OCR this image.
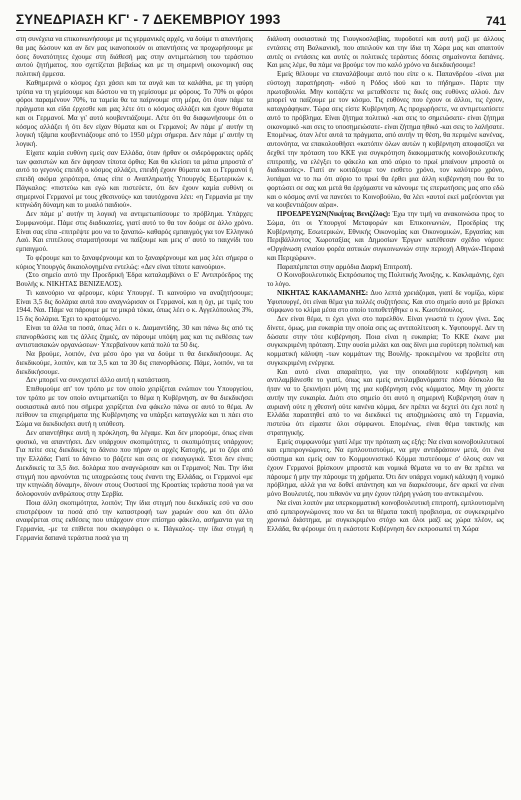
ΣΥΝΕΔΡΙΑΣΗ ΚΓ' - 7 ΔΕΚΕΜΒΡΙΟΥ 1993	741

στη συνέχεια να επικοινωνήσουμε με τις γερμανικές αρχές, να δούμε τι απαντήσεις θα μας δώσουν και αν δεν μας ικανοποιούν οι απαντήσεις να προχωρήσουμε με όσες δυνατότητες έχουμε στη διάθεσή μας στην αντιμετώπιση του τεράστιου αυτού ζητήματος, που σχετίζεται βεβαίως και με τη σημερινή οικονομική σας πολιτική έμμεσα.

Καθημερινά ο κόσμος έχει χάσει και τα αυγά και τα καλάθια, με τη γαύρη τρύπα να τη γεμίσουμε και δώστου να τη γεμίσουμε με φόρους. Το 70% οι φόροι φόροι παραμένουν 70%, τα ταμεία θα τα παίρνουμε στη μέρα, ότι όταν πάμε τα πράγματα και είδα έρχεσθε και μας λέτε ότι ο κόσμος αλλάζει και έχουν θύματα και οι Γερμανοί. Μα γι' αυτό κουβεντιάζουμε. Λέτε ότι θα διαφωνήσουμε ότι ο κόσμος αλλάζει ή ότι δεν είχαν θύματα και οι Γερμανοί; Αν πάμε μ' αυτήν τη λογική τζάμπα κουβεντιάζουμε από το 1950 μέχρι σήμερα. Δεν πάμε μ' αυτήν τη λογική.

Είχατε καμία ευθύνη εμείς σαν Ελλάδα, όταν ήρθαν οι σιδερόφρακτες ορδές των φασιστών και δεν άφησαν τίποτα όρθιο; Και θα κλείσει τα μάτια μπροστά σ' αυτό το γεγονός επειδή ο κόσμος αλλάζει, επειδή έχουν θύματα και οι Γερμανοί ή επειδή ακόμα χειρότερα, όπως είπε ο Αναπληρωτής Υπουργός Εξωτερικών κ. Πάγκαλος: «πιστεύω και εγώ και πιστεύετε, ότι δεν έχουν καμία ευθύνη οι σημερινοί Γερμανοί με τους χθεσινούς» και ταυτόχρονα λέει: «η Γερμανία με την κτηνώδη δύναμη και το μυαλό παιδιού».

Δεν πάμε μ' αυτήν τη λογική να αντιμετωπίσουμε το πρόβλημα. Υπάρχει; Συμφωνούμε. Πάμε στις διαδικασίες, γιατί αυτό το θα τον δούμε σε άλλο χρόνο. Είναι σας είπα -επιτρέψτε μου να το ξαναπώ- καθαρός εμπαιγμός για τον Ελληνικό Λαό. Και επιτέλους σταματήσουμε να παίζουμε και μεις σ' αυτό το παιχνίδι του εμπαιγμού.

Το φέρουμε και το ξαναφέρνουμε και το ξαναφέρνουμε και μας λέει σήμερα ο κύριος Υπουργός δικαιολογημένα εντελώς: «Δεν είναι τίποτε καινούριο».

(Στο σημείο αυτό την Προεδρική Έδρα καταλαμβάνει ο Ε' Αντιπρόεδρος της Βουλής κ. ΝΙΚΗΤΑΣ ΒΕΝΙΖΕΛΟΣ).

Τι καινούριο να φέρουμε, κύριε Υπουργέ. Τι καινούριο να αναζητήσουμε; Είναι 3,5 δις δολάρια αυτά που αναγνώρισαν οι Γερμανοί, και η όχι, με τιμές του 1944. Ναι. Πάμε να πάρουμε με τα μικρά τόκια, όπως λέει ο κ. Αγγελόπουλος 3%, 15 δις δολάρια. Έχει το κρατούμενο.

Είναι τα άλλα τα ποσά, όπως λέει ο κ. Διαμαντίδης, 30 και πάνω δις από τις επανορθώσεις και τις άλλες ζημιές, αν πάρουμε υπόψη μας και τις εκθέσεις των αντιστασιακών οργανώσεων· Υπερβαίνουν κατά πολύ τα 50 δις.

Να βρούμε, λοιπόν, ένα μέσο όρο για να δούμε τι θα διεκδικήσουμε. Ας διεκδικούμε, λοιπόν, και τα 3,5 και τα 30 δις επανορθώσεις. Πάμε, λοιπόν, να τα διεκδικήσουμε.

Δεν μπορεί να συνεχιστεί άλλο αυτή η κατάσταση.

Επιθυμούμε απ' τον τρόπο με τον οποίο χειρίζεται ενώπιον του Υπουργείου, τον τρόπο με τον οποίο αντιμετωπίζει το θέμα η Κυβέρνηση, αν θα διεκδικήσει ουσιαστικά αυτό που σήμερα χειρίζεται ένα φάκελο πάνω σε αυτό το θέμα. Αν πείθουν τα επιχειρήματα της Κυβέρνησης να υπάρξει καταγγελία και τι πάει στο Σώμα να διεκδικήσει αυτή η υπόθεση.

Δεν απαντήθηκε αυτή η πρόκληση, θα λέγαμε. Και δεν μπορούμε, όπως είναι φυσικό, να απαντήσει. Δεν υπάρχουν σκοπιμότητες, τι σκοπιμότητες υπάρχουν; Για πείτε σεις διεκδικείς το δάνειο που πήραν οι αρχές Κατοχής, με το ζόρι από την Ελλάδα; Γιατί το δάνειο το βάζετε και σεις σε εισαγωγικά. Έτσι δεν είναι; Διεκδικείς τα 3,5 δισ. δολάρια που αναγνώρισαν και οι Γερμανοί; Ναι. Την ίδια στιγμή που αρνούνται τις υποχρεώσεις τους έναντι της Ελλάδας, οι Γερμανοί «με την κτηνώδη δύναμη», δίνουν στους Ουστασί της Κροατίας τεράστια ποσά για να δολοφονούν ανθρώπους στην Σερβία.

Ποια άλλη σκοπιμότητα, λοιπόν; Την ίδια στιγμή που διεκδικείς εσύ να σου επιστρέψουν τα ποσά από την καταστροφή των χωριών σου και ότι άλλο αναφέρεται στις εκθέσεις που υπάρχουν στον επίσημο φάκελο, ασήμαντα για τη Γερμανία, -με τα επίθετα που σκιαγράφει ο κ. Πάγκαλος- την ίδια στιγμή η Γερμανία δαπανά τεράστια ποσά για τη

διάλυση ουσιαστικά της Γιουγκοσλαβίας, πυροδοτεί και αυτή μαζί με άλλους εντάσεις στη Βαλκανική, που απειλούν και την ίδια τη Χώρα μας και απαιτούν αυτές οι εντάσεις και αυτές οι πολιτικές τεράστιες δόσεις σημαίνοντα δαπάνες. Και μεις λέμε, θα πάμε να βρούμε τον πιο καλό χρόνο να διεκδικήσουμε!

Εμείς θέλουμε να επαναλάβουμε αυτό που είπε ο κ. Παπανδρέου -είναι μια εύστοχη παρατήρηση- «ιδού η Ρόδος ιδού και το πήδημα». Πάρτε την πρωτοβουλία. Μην κοιτάζετε να μεταθέσετε τις δικές σας ευθύνες αλλού. Δεν μπορεί να παίζουμε με τον κόσμο. Τις ευθύνες που έχουν οι άλλοι, τις έχουν, καταγράφηκαν. Τώρα σεις είστε Κυβέρνηση. Ας προχωρήσετε, να αντιμετωπίσετε αυτό το πρόβλημα. Είναι ζήτημα πολιτικό -και σεις το σημειώσατε- είναι ζήτημα οικονομικό -και σεις το υποσημειώσατε- είναι ζήτημα ηθικό -και σεις το λαλήσατε. Επομένως, όταν λέτε αυτά τα πράγματα, από αυτήν τη θέση, θα περιμένε κανένας, αυτονόητα, να επακολουθήσει «κατόπιν όλων αυτών η κυβέρνηση αποφασίζει να δεχθεί την πρόταση του ΚΚΕ για συγκρότηση διακομματικής κοινοβουλευτικής επιτροπής, να ελέγξει το φάκελο και από αύριο το πρωί μπαίνουν μπροστά οι διαδικασίες». Γιατί αν κοιτάζουμε τον εισθετο χρόνο, τον καλύτερο χρόνο, λυπάμαι να το πω ότι αύριο το πρωί θα έρθει μια άλλη κυβέρνηση που θα το φορτώσει σε σας και μετά θα έρχόμαστε να κάνουμε τις επερωτήσεις μας απο εδώ και ο κόσμος αντί να πανεύει το Κοινοβούλιο, θα λέει «αυτοί εκεί μαζεύονται για να κουβεντιάζουν αέρα».

ΠΡΟΕΔΡΕΥΩΝ(Νικήτας Βενιζέλος): Έχω την τιμή να ανακοινώσω προς το Σώμα, ότι οι Υπουργοί Μεταφορών και Επικοινωνιών, Προεδρίας της Κυβέρνησης, Εσωτερικών, Εθνικής Οικονομίας και Οικονομικών, Εργασίας και Περιβάλλοντος Χωροταξίας και Δημοσίων Έργων κατέθεσαν σχέδιο νόμου: «Οργάνωση ενιαίου φορέα αστικών συγκοινωνιών στην περιοχή Αθηνών-Πειραιά και Περιχώρων».

Παραπέμπεται στην αρμόδια Διαρκή Επιτροπή.

Ο Κοινοβουλευτικός Εκπρόσωπος της Πολιτικής Άνοιξης, κ. Κακλαμάνης, έχει το λόγο.

ΝΙΚΗΤΑΣ ΚΑΚΛΑΜΑΝΗΣ: Δυο λεπτά χρειάζομαι, γιατί δε νομίζω, κύριε Υφυπουργέ, ότι είναι θέμα για πολλές συζητήσεις. Και στο σημείο αυτό με βρίσκει σύμφωνο το κλίμα μέσα στο οποίο τοποθετήθηκε ο κ. Κωστόπουλος.

Δεν είναι θέμα, τι έχει γίνει στο παρελθόν. Είναι γνωστά τι έχουν γίνει. Σας δίνετε, όμως, μια ευκαιρία την οποία σεις ως αντιπολίτευση κ. Υφυπουργέ. Δεν τη δώσατε στην τότε κυβέρνηση. Ποια είναι η ευκαιρία; Το ΚΚΕ έκανε μια συγκεκριμένη πρόταση. Στην ουσία μιλάει και σας δίνει μια ευρύτερη πολιτική και κομματική κάλυψη -των κομμάτων της Βουλής- προκειμένου να προβείτε στη συγκεκριμένη ενέργεια.

Και αυτό είναι απαραίτητο, για την οποιαδήποτε κυβέρνηση και αντιλαμβάνεσθε το γιατί, όπως και εμείς αντιλαμβανόμαστε πόσο δύσκολο θα ήταν να το ξεκινήσει μόνη της μια κυβέρνηση ενός κόμματος. Μην τη χάσετε αυτήν την ευκαιρία. Διότι στο σημείο ότι αυτό η σημερινή Κυβέρνηση όταν η αυριανή ούτε η χθεσινή ούτε κανένα κόμμα, δεν πρέπει να δεχτεί ότι έχει ποτέ η Ελλάδα παραιτηθεί από το να διεκδικεί τις αποζημιώσεις από τη Γερμανία, πιστεύω ότι είμαστε όλοι σύμφωνοι. Επομένως, είναι θέμα τακτικής και στρατηγικής.

Εμείς συμφωνούμε γιατί λέμε την πρόταση ως εξής: Να είναι κοινοβουλευτικοί και εμπειρογνώμονες. Να εμπλουτιστούμε, να μην αντιδράσουν μετά, ότι ένα σύστημα και εμείς σαν το Κομμουνιστικό Κόμμα πιστεύουμε σ' όλους σαν να έχουν Γερμανοί βρίσκουν μπροστά και νομικά θέματα να το αν θα πρέπει να πάρουμε ή μην την πάρουμε τη χρήματα. Ότι δεν υπάρχει νομική κάλυψη ή νομικό πρόβλημα, αλλά για να δοθεί απάντηση και να διαρκέσουμε, δεν αρκεί να είναι μόνο Βουλευτές, που πιθανόν να μην έχουν πλήρη γνώση του αντικειμένου.

Να είναι λοιπόν μια υπερκομματική κοινοβουλευτική επιτροπή, εμπλουτισμένη από εμπειρογνώμονες που να δει τα θέματα τακτή προβεισμα, σε συγκεκριμένο χρονικό διάστημα, με συγκεκριμένο στόχο και όλοι μαζί ως χώρα πλέον, ως Ελλάδα, θα φέρουμε ότι η εκάστοτε Κυβέρνηση δεν εκπροσωπεί τη Χώρα
